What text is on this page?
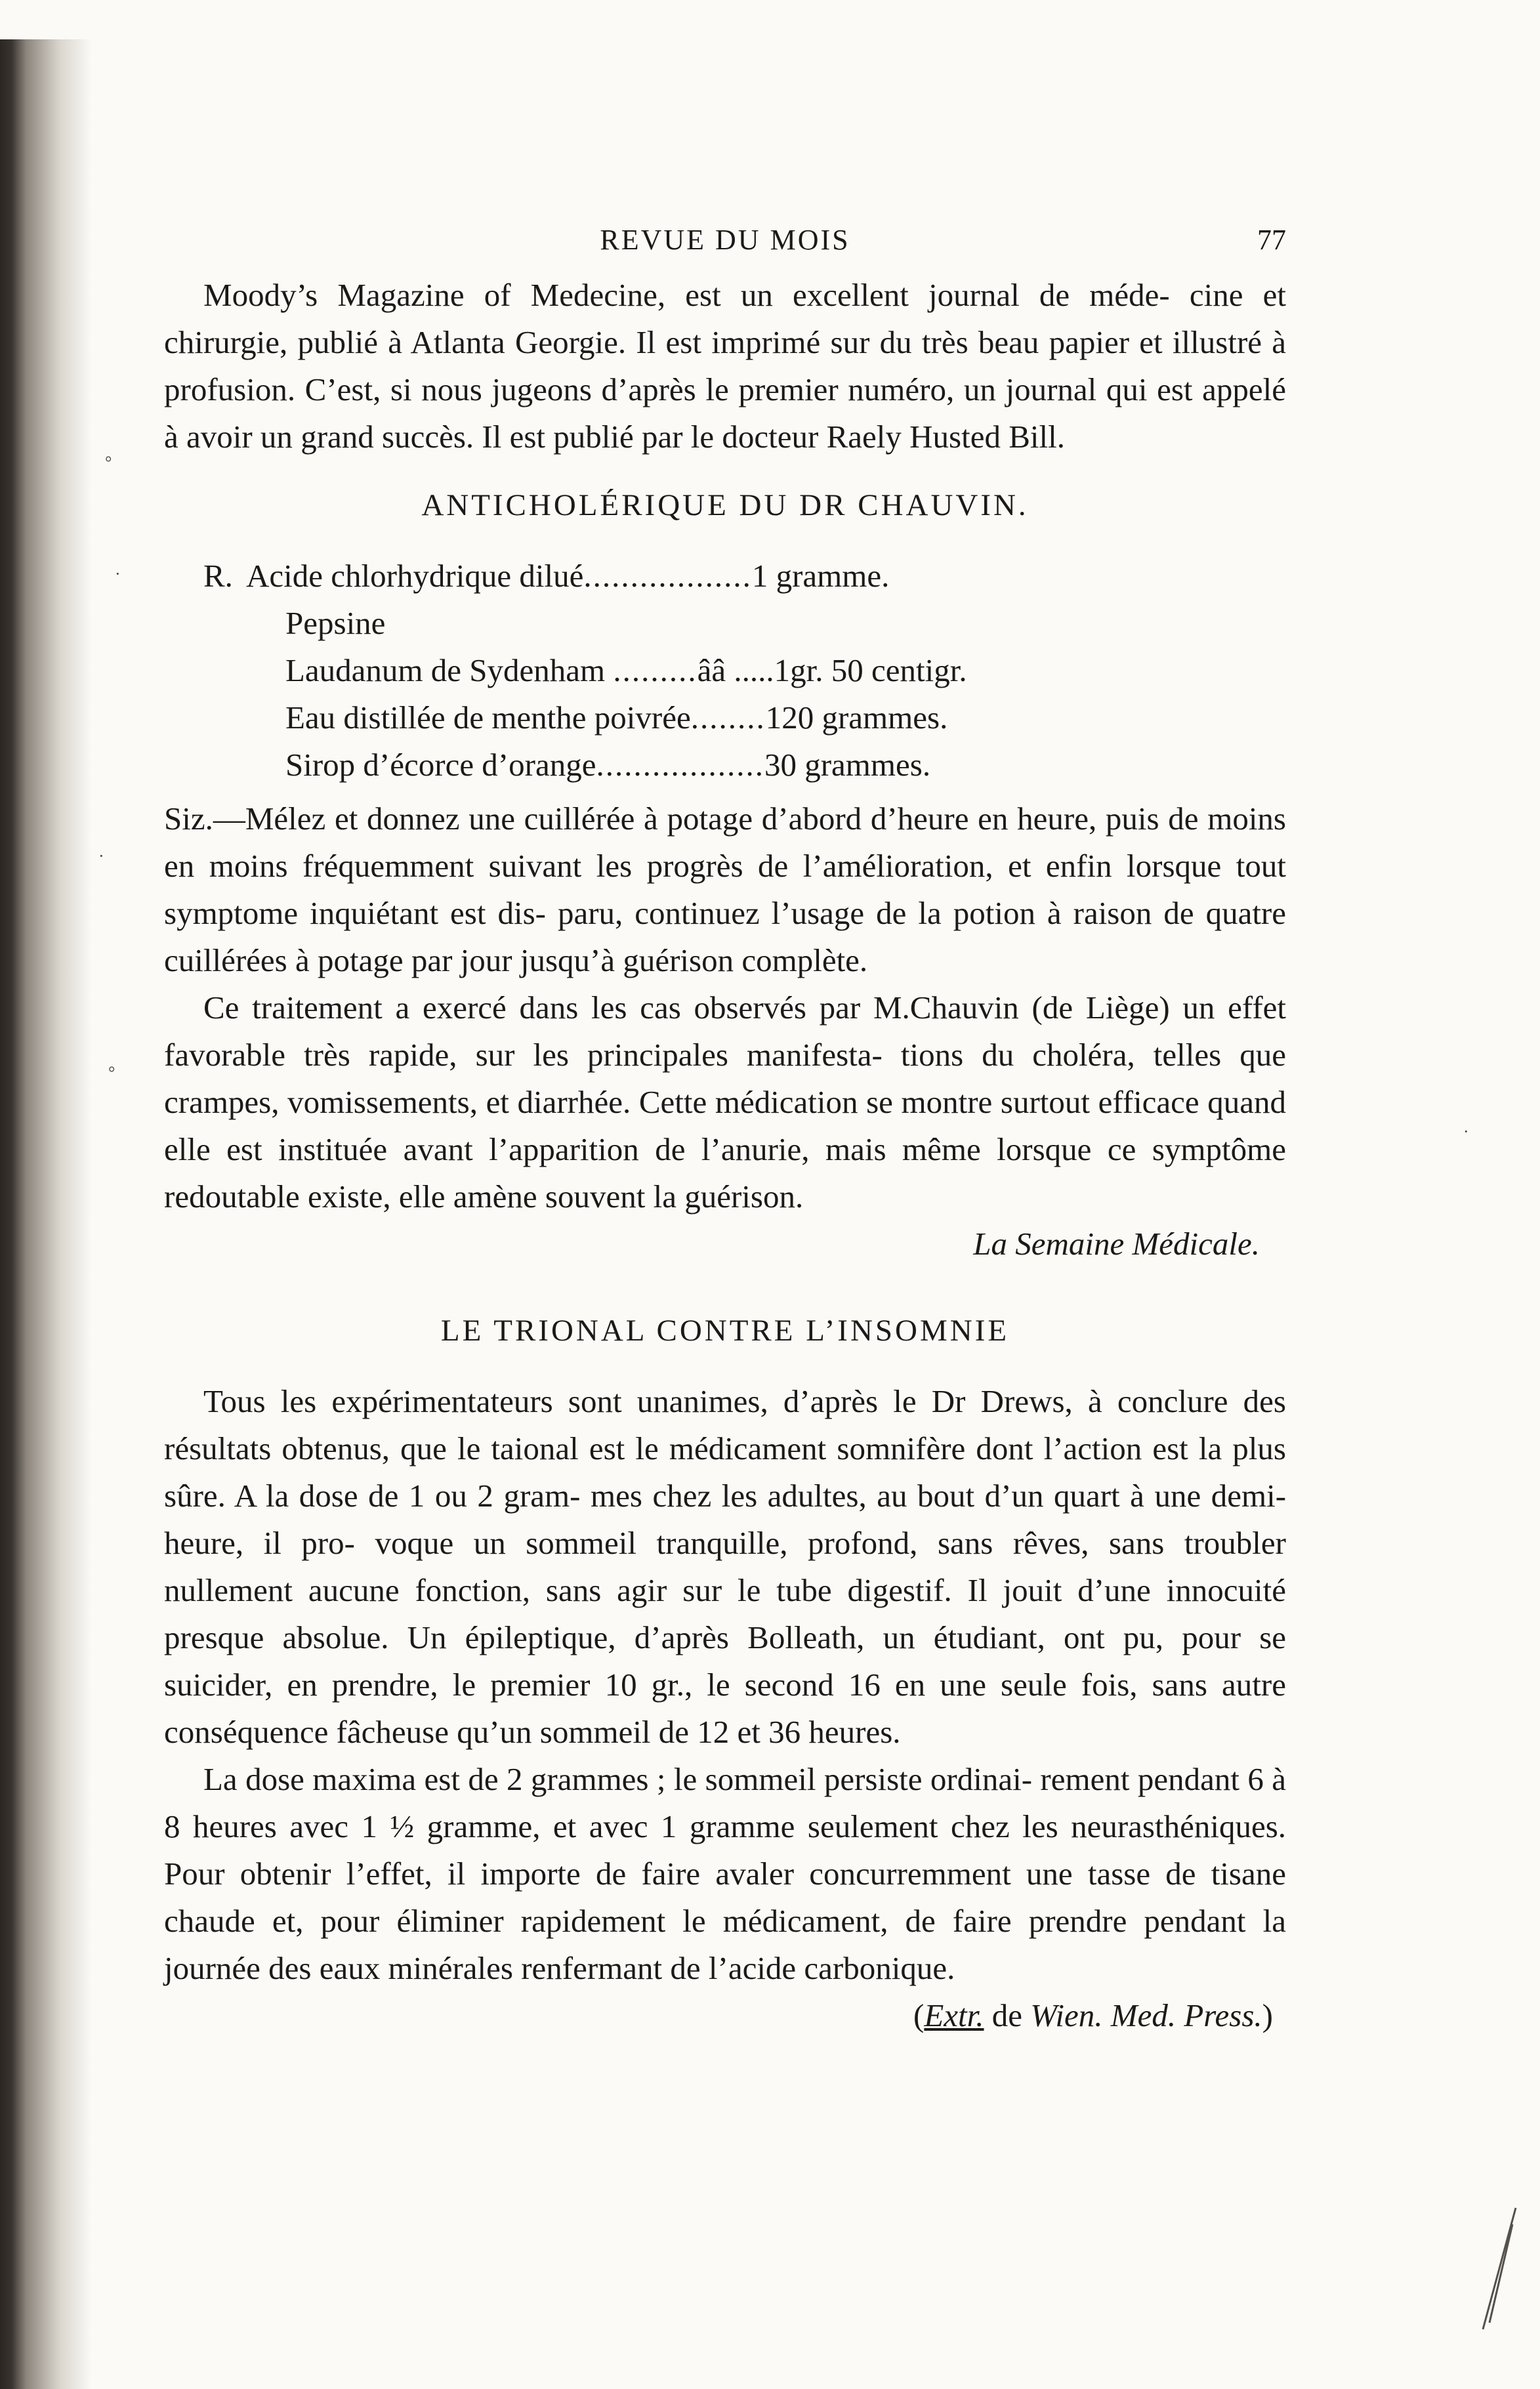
°
·
·
°
·
REVUE DU MOIS	77

Moody’s Magazine of Medecine, est un excellent journal de méde- cine et chirurgie, publié à Atlanta Georgie. Il est imprimé sur du très beau papier et illustré à profusion. C’est, si nous jugeons d’après le premier numéro, un journal qui est appelé à avoir un grand succès. Il est publié par le docteur Raely Husted Bill.

ANTICHOLÉRIQUE DU DR CHAUVIN.
R. Acide chlorhydrique dilué..................1 gramme.
Pepsine
Laudanum de Sydenham .........ââ .....1gr. 50 centigr.
Eau distillée de menthe poivrée........120 grammes.
Sirop d’écorce d’orange..................30 grammes.

Siz.—Mélez et donnez une cuillérée à potage d’abord d’heure en heure, puis de moins en moins fréquemment suivant les progrès de l’amélioration, et enfin lorsque tout symptome inquiétant est dis- paru, continuez l’usage de la potion à raison de quatre cuillérées à potage par jour jusqu’à guérison complète.

Ce traitement a exercé dans les cas observés par M.Chauvin (de Liège) un effet favorable très rapide, sur les principales manifesta- tions du choléra, telles que crampes, vomissements, et diarrhée. Cette médication se montre surtout efficace quand elle est instituée avant l’apparition de l’anurie, mais même lorsque ce symptôme redoutable existe, elle amène souvent la guérison.

La Semaine Médicale.
LE TRIONAL CONTRE L’INSOMNIE

Tous les expérimentateurs sont unanimes, d’après le Dr Drews, à conclure des résultats obtenus, que le taional est le médicament somnifère dont l’action est la plus sûre. A la dose de 1 ou 2 gram- mes chez les adultes, au bout d’un quart à une demi-heure, il pro- voque un sommeil tranquille, profond, sans rêves, sans troubler nullement aucune fonction, sans agir sur le tube digestif. Il jouit d’une innocuité presque absolue. Un épileptique, d’après Bolleath, un étudiant, ont pu, pour se suicider, en prendre, le premier 10 gr., le second 16 en une seule fois, sans autre conséquence fâcheuse qu’un sommeil de 12 et 36 heures.

La dose maxima est de 2 grammes ; le sommeil persiste ordinai- rement pendant 6 à 8 heures avec 1 ½ gramme, et avec 1 gramme seulement chez les neurasthéniques. Pour obtenir l’effet, il importe de faire avaler concurremment une tasse de tisane chaude et, pour éliminer rapidement le médicament, de faire prendre pendant la journée des eaux minérales renfermant de l’acide carbonique.

(Extr. de Wien. Med. Press.)
